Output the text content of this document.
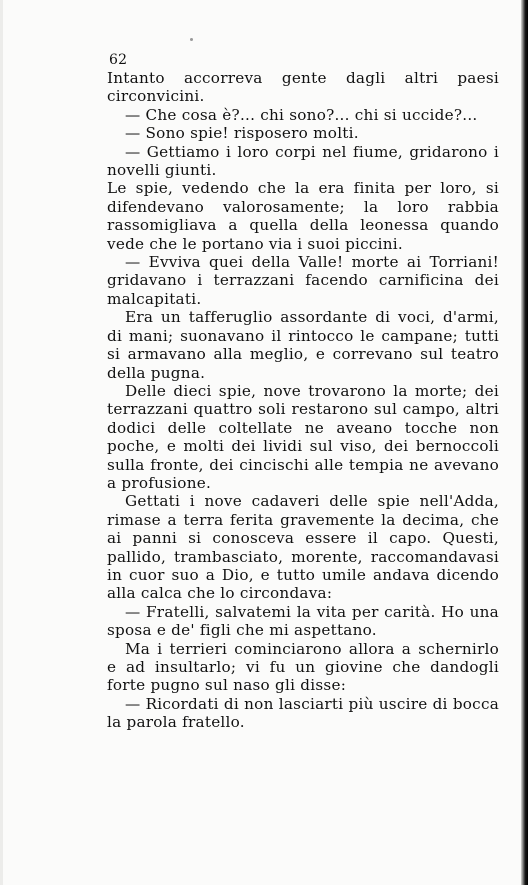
62

Intanto accorreva gente dagli altri paesi circonvicini.

— Che cosa è?... chi sono?... chi si uccide?...

— Sono spie! risposero molti.

— Gettiamo i loro corpi nel fiume, gridarono i novelli giunti.

Le spie, vedendo che la era finita per loro, si difendevano valorosamente; la loro rabbia rassomigliava a quella della leonessa quando vede che le portano via i suoi piccini.

— Evviva quei della Valle! morte ai Torriani! gridavano i terrazzani facendo carnificina dei malcapitati.

Era un tafferuglio assordante di voci, d'armi, di mani; suonavano il rintocco le campane; tutti si armavano alla meglio, e correvano sul teatro della pugna.

Delle dieci spie, nove trovarono la morte; dei terrazzani quattro soli restarono sul campo, altri dodici delle coltellate ne aveano tocche non poche, e molti dei lividi sul viso, dei bernoccoli sulla fronte, dei cincischi alle tempia ne avevano a profusione.

Gettati i nove cadaveri delle spie nell'Adda, rimase a terra ferita gravemente la decima, che ai panni si conosceva essere il capo. Questi, pallido, trambasciato, morente, raccomandavasi in cuor suo a Dio, e tutto umile andava dicendo alla calca che lo circondava:

— Fratelli, salvatemi la vita per carità. Ho una sposa e de' figli che mi aspettano.

Ma i terrieri cominciarono allora a schernirlo e ad insultarlo; vi fu un giovine che dandogli forte pugno sul naso gli disse:

— Ricordati di non lasciarti più uscire di bocca la parola fratello.
